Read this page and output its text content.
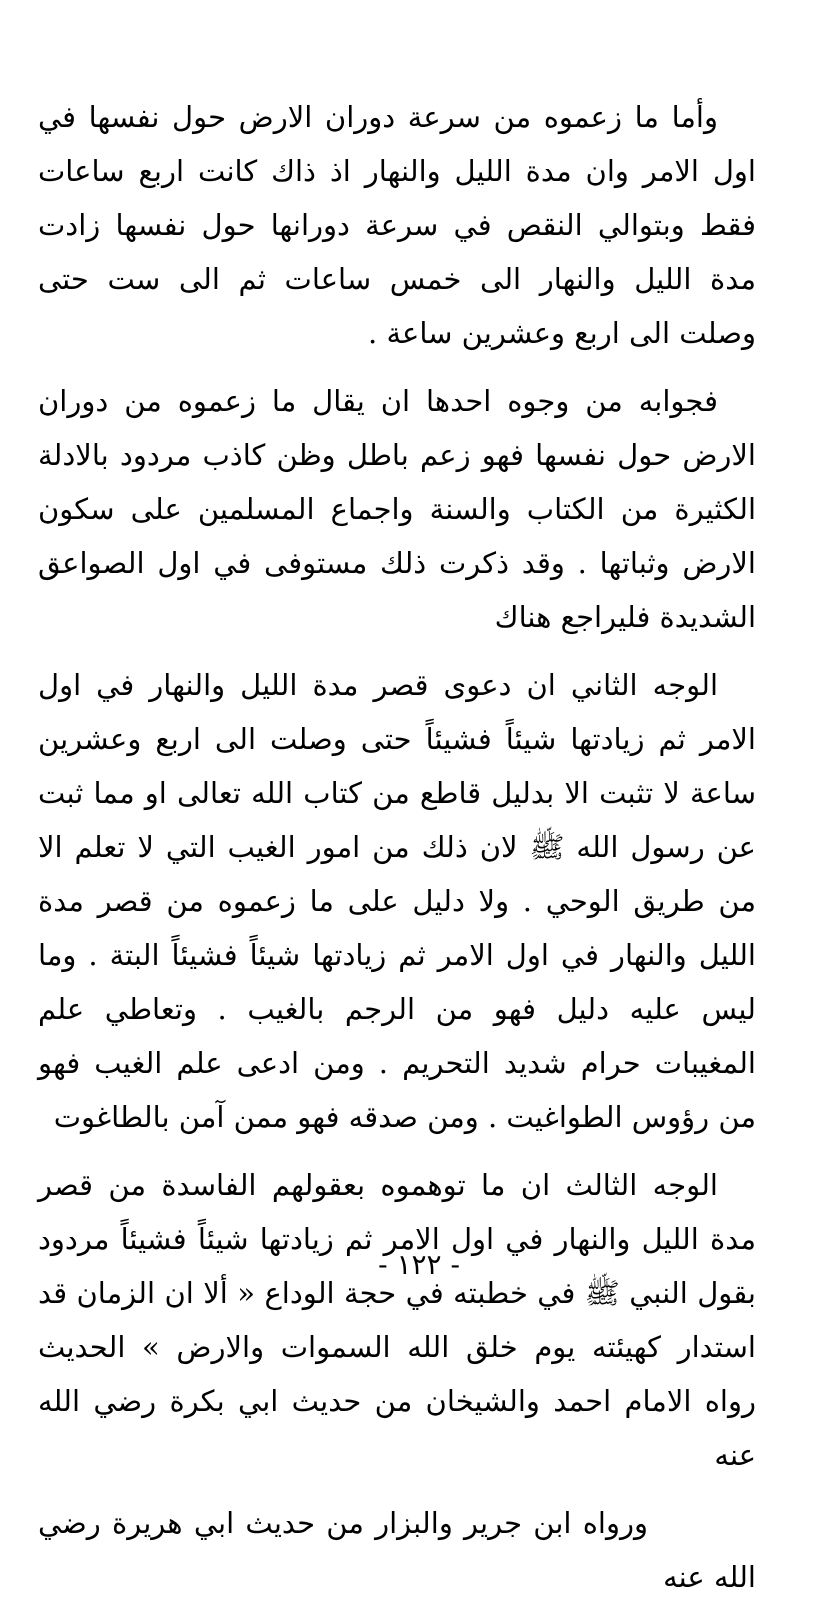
وأما ما زعموه من سرعة دوران الارض حول نفسها في اول الامر وان مدة الليل والنهار اذ ذاك كانت اربع ساعات فقط وبتوالي النقص في سرعة دورانها حول نفسها زادت مدة الليل والنهار الى خمس ساعات ثم الى ست حتى وصلت الى اربع وعشرين ساعة .

فجوابه من وجوه احدها ان يقال ما زعموه من دوران الارض حول نفسها فهو زعم باطل وظن كاذب مردود بالادلة الكثيرة من الكتاب والسنة واجماع المسلمين على سكون الارض وثباتها . وقد ذكرت ذلك مستوفى في اول الصواعق الشديدة فليراجع هناك

الوجه الثاني ان دعوى قصر مدة الليل والنهار في اول الامر ثم زيادتها شيئاً فشيئاً حتى وصلت الى اربع وعشرين ساعة لا تثبت الا بدليل قاطع من كتاب الله تعالى او مما ثبت عن رسول الله ﷺ لان ذلك من امور الغيب التي لا تعلم الا من طريق الوحي . ولا دليل على ما زعموه من قصر مدة الليل والنهار في اول الامر ثم زيادتها شيئاً فشيئاً البتة . وما ليس عليه دليل فهو من الرجم بالغيب . وتعاطي علم المغيبات حرام شديد التحريم . ومن ادعى علم الغيب فهو من رؤوس الطواغيت . ومن صدقه فهو ممن آمن بالطاغوت

الوجه الثالث ان ما توهموه بعقولهم الفاسدة من قصر مدة الليل والنهار في اول الامر ثم زيادتها شيئاً فشيئاً مردود بقول النبي ﷺ في خطبته في حجة الوداع « ألا ان الزمان قد استدار كهيئته يوم خلق الله السموات والارض » الحديث رواه الامام احمد والشيخان من حديث ابي بكرة رضي الله عنه

ورواه ابن جرير والبزار من حديث ابي هريرة رضي الله عنه

- ١٢٢ -
